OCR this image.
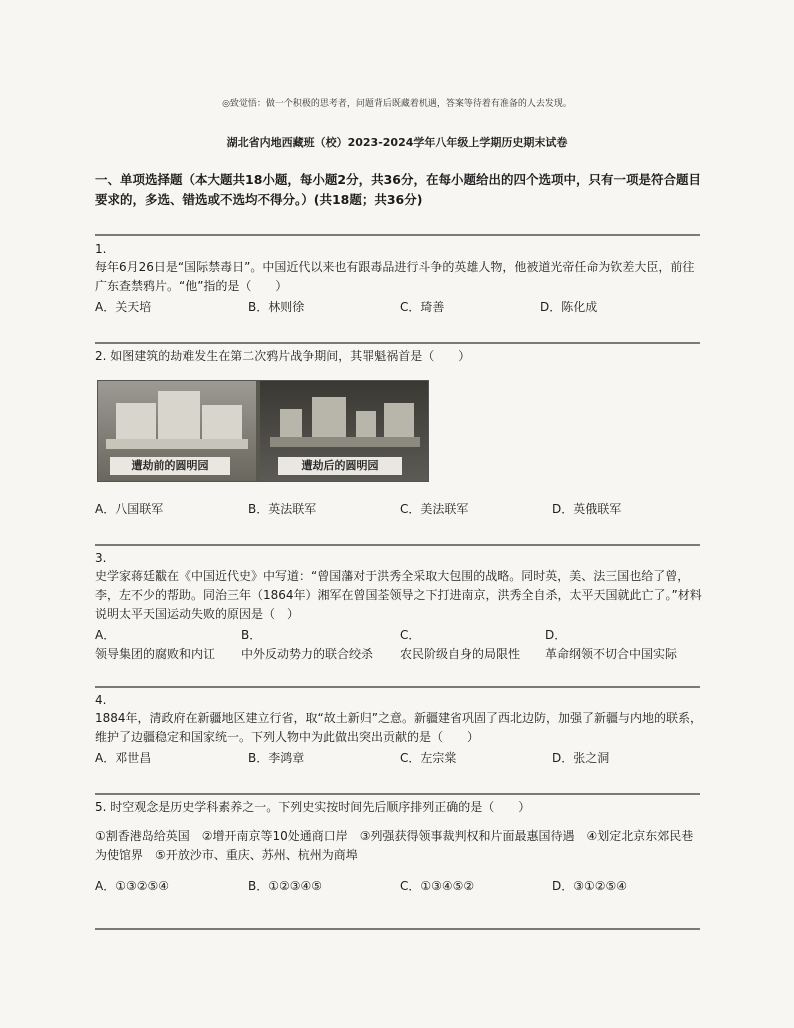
◎致觉悟：做一个积极的思考者，问题背后既藏着机遇，答案等待着有准备的人去发现。
湖北省内地西藏班（校）2023-2024学年八年级上学期历史期末试卷
一、单项选择题（本大题共18小题，每小题2分，共36分，在每小题给出的四个选项中，只有一项是符合题目要求的，多选、错选或不选均不得分。）(共18题；共36分)
1.
每年6月26日是“国际禁毒日”。中国近代以来也有跟毒品进行斗争的英雄人物，他被道光帝任命为钦差大臣，前往广东查禁鸦片。“他”指的是（　　）
A．关天培	B．林则徐	C．琦善	D．陈化成
2. 如图建筑的劫难发生在第二次鸦片战争期间，其罪魁祸首是（　　）
遭劫前的圆明园	遭劫后的圆明园
A．八国联军	B．英法联军	C．美法联军	D．英俄联军
3.
史学家蒋廷黻在《中国近代史》中写道：“曾国藩对于洪秀全采取大包围的战略。同时英，美、法三国也给了曾，李，左不少的帮助。同治三年（1864年）湘军在曾国荃领导之下打进南京，洪秀全自杀，太平天国就此亡了。”材料说明太平天国运动失败的原因是（　）
A．
领导集团的腐败和内讧
B．
中外反动势力的联合绞杀
C．
农民阶级自身的局限性
D．
革命纲领不切合中国实际
4.
1884年，清政府在新疆地区建立行省，取“故土新归”之意。新疆建省巩固了西北边防，加强了新疆与内地的联系，维护了边疆稳定和国家统一。下列人物中为此做出突出贡献的是（　　）
A．邓世昌	B．李鸿章	C．左宗棠	D．张之洞
5. 时空观念是历史学科素养之一。下列史实按时间先后顺序排列正确的是（　　）
①割香港岛给英国　②增开南京等10处通商口岸　③列强获得领事裁判权和片面最惠国待遇　④划定北京东郊民巷为使馆界　⑤开放沙市、重庆、苏州、杭州为商埠
A．①③②⑤④	B．①②③④⑤	C．①③④⑤②	D．③①②⑤④
